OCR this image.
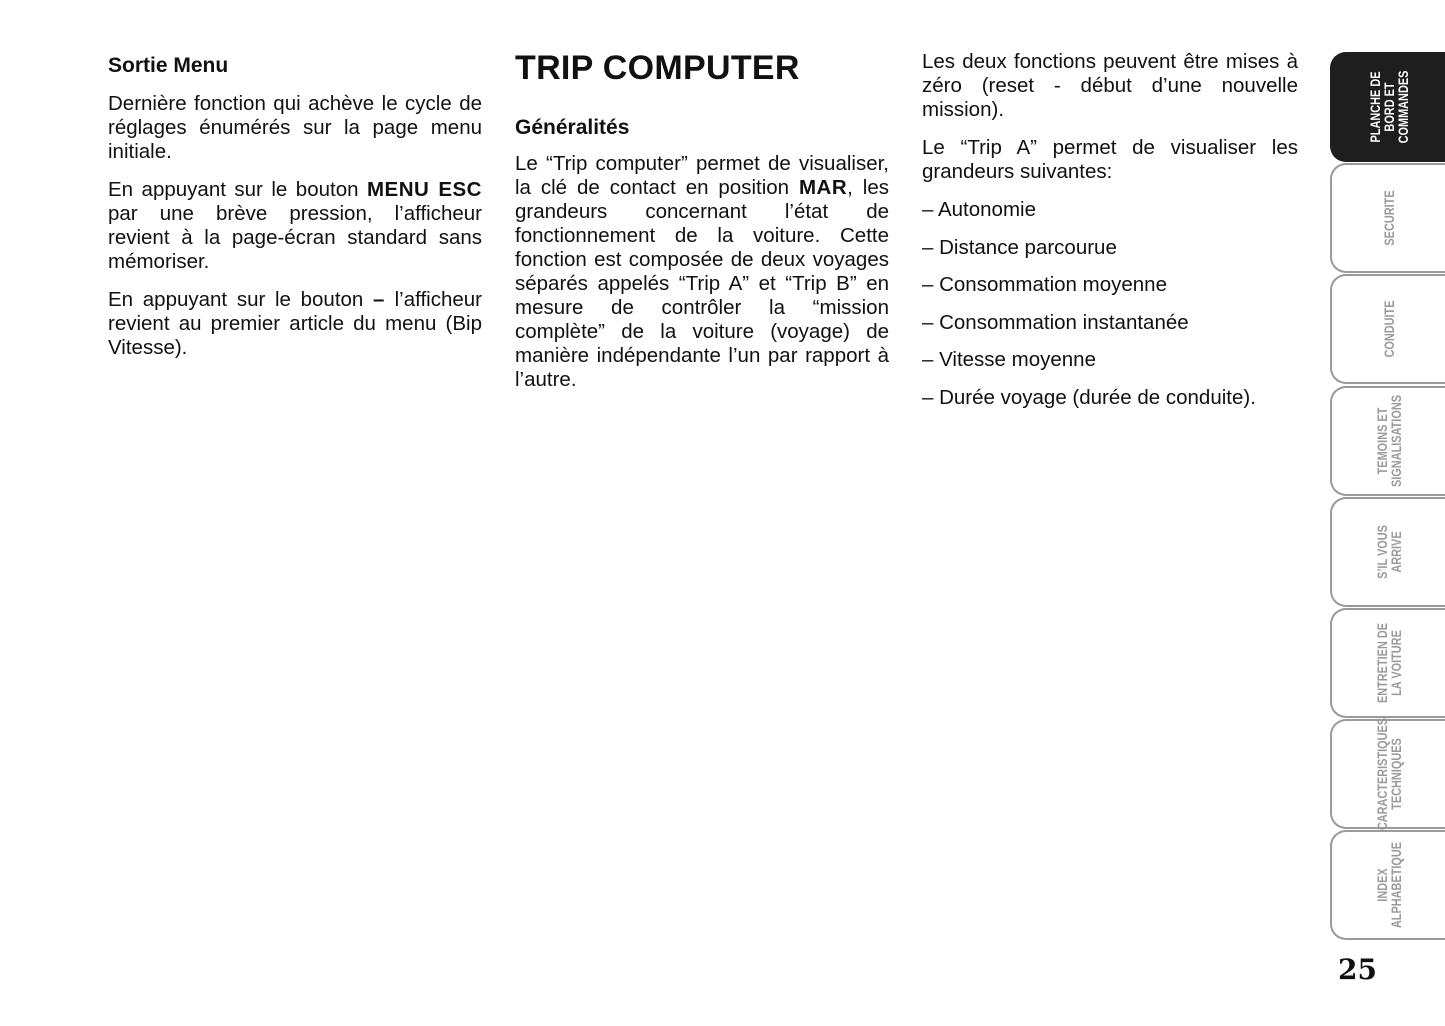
Sortie Menu

Dernière fonction qui achève le cycle de réglages énumérés sur la page menu initiale.

En appuyant sur le bouton MENU ESC par une brève pression, l’afficheur revient à la page-écran standard sans mémoriser.

En appuyant sur le bouton – l’afficheur revient au premier article du menu (Bip Vitesse).

TRIP COMPUTER

Généralités

Le “Trip computer” permet de visualiser, la clé de contact en position MAR, les grandeurs concernant l’état de fonctionnement de la voiture. Cette fonction est composée de deux voyages séparés appelés “Trip A” et “Trip B” en mesure de contrôler la “mission complète” de la voiture (voyage) de manière indépendante l’un par rapport à l’autre.

Les deux fonctions peuvent être mises à zéro (reset - début d’une nouvelle mission).

Le “Trip A” permet de visualiser les grandeurs suivantes:

– Autonomie
– Distance parcourue
– Consommation moyenne
– Consommation instantanée
– Vitesse moyenne
– Durée voyage (durée de conduite).
PLANCHE DE
BORD ET
COMMANDES
SECURITE
CONDUITE
TEMOINS ET
SIGNALISATIONS
S’IL VOUS
ARRIVE
ENTRETIEN DE
LA VOITURE
CARACTERISTIQUES
TECHNIQUES
INDEX
ALPHABETIQUE
25
